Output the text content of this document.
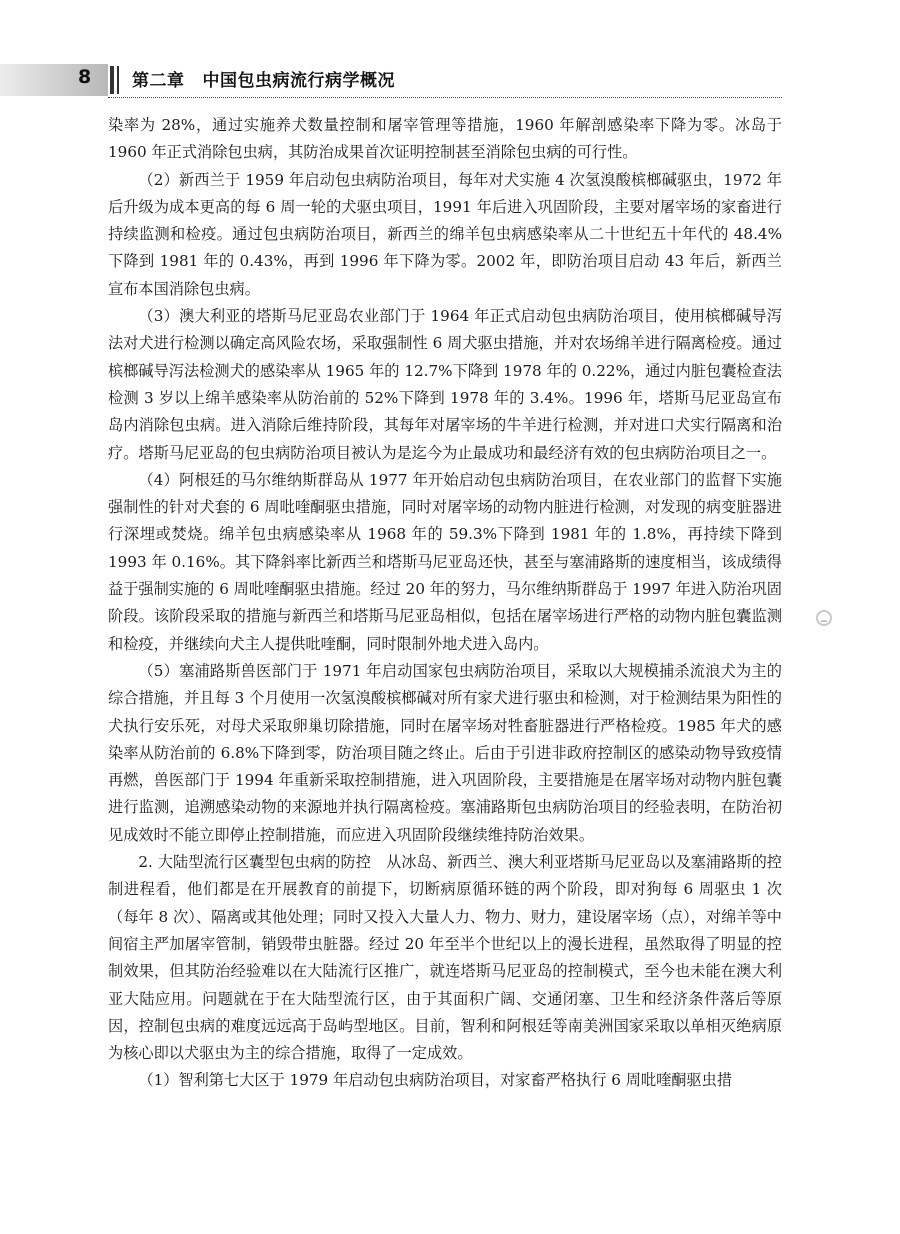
8 第二章 中国包虫病流行病学概况

染率为 28%，通过实施养犬数量控制和屠宰管理等措施，1960 年解剖感染率下降为零。冰岛于 1960 年正式消除包虫病，其防治成果首次证明控制甚至消除包虫病的可行性。

（2）新西兰于 1959 年启动包虫病防治项目，每年对犬实施 4 次氢溴酸槟榔碱驱虫，1972 年后升级为成本更高的每 6 周一轮的犬驱虫项目，1991 年后进入巩固阶段，主要对屠宰场的家畜进行持续监测和检疫。通过包虫病防治项目，新西兰的绵羊包虫病感染率从二十世纪五十年代的 48.4%下降到 1981 年的 0.43%，再到 1996 年下降为零。2002 年，即防治项目启动 43 年后，新西兰宣布本国消除包虫病。

（3）澳大利亚的塔斯马尼亚岛农业部门于 1964 年正式启动包虫病防治项目，使用槟榔碱导泻法对犬进行检测以确定高风险农场，采取强制性 6 周犬驱虫措施，并对农场绵羊进行隔离检疫。通过槟榔碱导泻法检测犬的感染率从 1965 年的 12.7%下降到 1978 年的 0.22%，通过内脏包囊检查法检测 3 岁以上绵羊感染率从防治前的 52%下降到 1978 年的 3.4%。1996 年，塔斯马尼亚岛宣布岛内消除包虫病。进入消除后维持阶段，其每年对屠宰场的牛羊进行检测，并对进口犬实行隔离和治疗。塔斯马尼亚岛的包虫病防治项目被认为是迄今为止最成功和最经济有效的包虫病防治项目之一。

（4）阿根廷的马尔维纳斯群岛从 1977 年开始启动包虫病防治项目，在农业部门的监督下实施强制性的针对犬套的 6 周吡喹酮驱虫措施，同时对屠宰场的动物内脏进行检测，对发现的病变脏器进行深埋或焚烧。绵羊包虫病感染率从 1968 年的 59.3%下降到 1981 年的 1.8%，再持续下降到 1993 年 0.16%。其下降斜率比新西兰和塔斯马尼亚岛还快，甚至与塞浦路斯的速度相当，该成绩得益于强制实施的 6 周吡喹酮驱虫措施。经过 20 年的努力，马尔维纳斯群岛于 1997 年进入防治巩固阶段。该阶段采取的措施与新西兰和塔斯马尼亚岛相似，包括在屠宰场进行严格的动物内脏包囊监测和检疫，并继续向犬主人提供吡喹酮，同时限制外地犬进入岛内。

（5）塞浦路斯兽医部门于 1971 年启动国家包虫病防治项目，采取以大规模捕杀流浪犬为主的综合措施，并且每 3 个月使用一次氢溴酸槟榔碱对所有家犬进行驱虫和检测，对于检测结果为阳性的犬执行安乐死，对母犬采取卵巢切除措施，同时在屠宰场对牲畜脏器进行严格检疫。1985 年犬的感染率从防治前的 6.8%下降到零，防治项目随之终止。后由于引进非政府控制区的感染动物导致疫情再燃，兽医部门于 1994 年重新采取控制措施，进入巩固阶段，主要措施是在屠宰场对动物内脏包囊进行监测，追溯感染动物的来源地并执行隔离检疫。塞浦路斯包虫病防治项目的经验表明，在防治初见成效时不能立即停止控制措施，而应进入巩固阶段继续维持防治效果。

2. 大陆型流行区囊型包虫病的防控　从冰岛、新西兰、澳大利亚塔斯马尼亚岛以及塞浦路斯的控制进程看，他们都是在开展教育的前提下，切断病原循环链的两个阶段，即对狗每 6 周驱虫 1 次（每年 8 次）、隔离或其他处理；同时又投入大量人力、物力、财力，建设屠宰场（点），对绵羊等中间宿主严加屠宰管制，销毁带虫脏器。经过 20 年至半个世纪以上的漫长进程，虽然取得了明显的控制效果，但其防治经验难以在大陆流行区推广，就连塔斯马尼亚岛的控制模式，至今也未能在澳大利亚大陆应用。问题就在于在大陆型流行区，由于其面积广阔、交通闭塞、卫生和经济条件落后等原因，控制包虫病的难度远远高于岛屿型地区。目前，智利和阿根廷等南美洲国家采取以单相灭绝病原为核心即以犬驱虫为主的综合措施，取得了一定成效。

（1）智利第七大区于 1979 年启动包虫病防治项目，对家畜严格执行 6 周吡喹酮驱虫措
